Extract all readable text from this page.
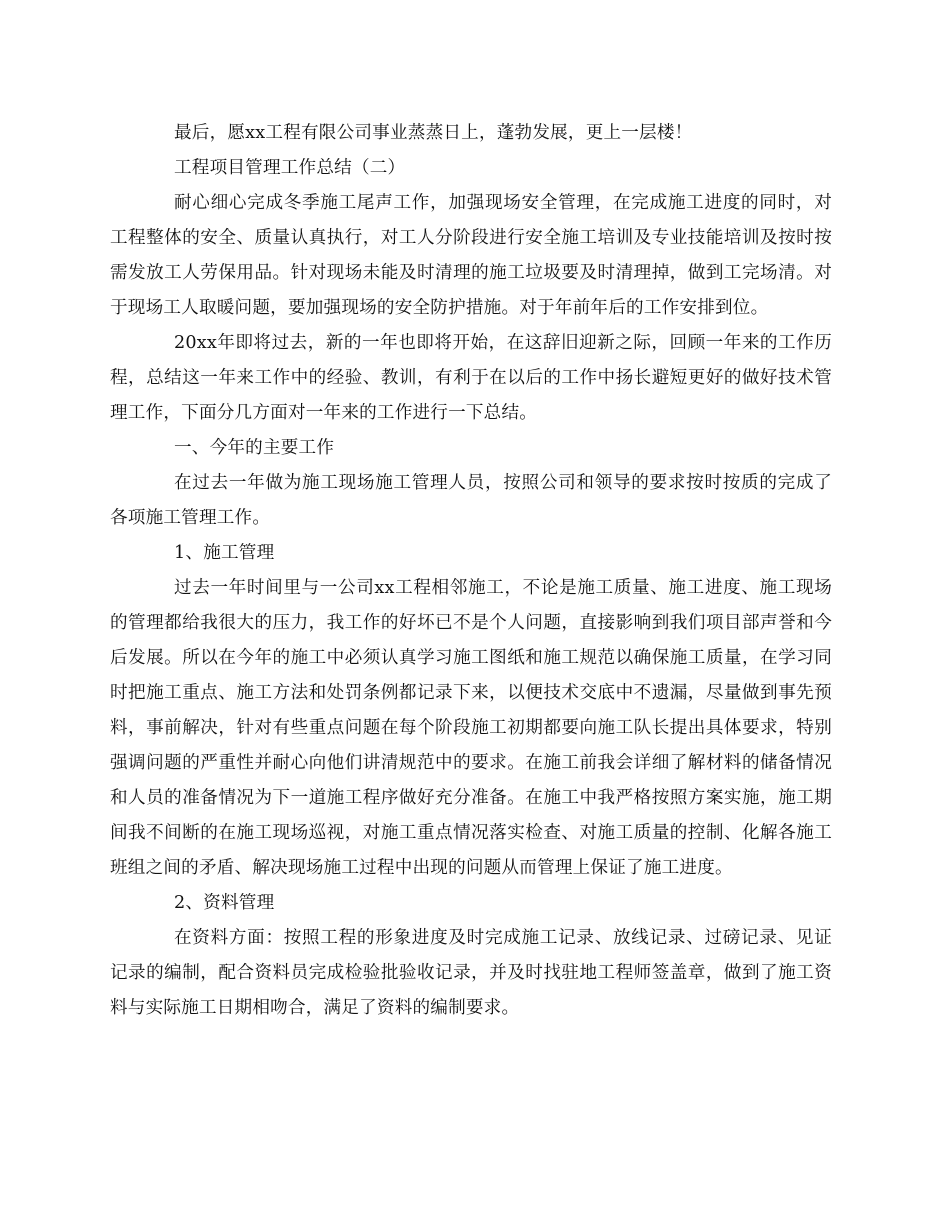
最后，愿xx工程有限公司事业蒸蒸日上，蓬勃发展，更上一层楼！

工程项目管理工作总结（二）

耐心细心完成冬季施工尾声工作，加强现场安全管理，在完成施工进度的同时，对工程整体的安全、质量认真执行，对工人分阶段进行安全施工培训及专业技能培训及按时按需发放工人劳保用品。针对现场未能及时清理的施工垃圾要及时清理掉，做到工完场清。对于现场工人取暖问题，要加强现场的安全防护措施。对于年前年后的工作安排到位。

20xx年即将过去，新的一年也即将开始，在这辞旧迎新之际，回顾一年来的工作历程，总结这一年来工作中的经验、教训，有利于在以后的工作中扬长避短更好的做好技术管理工作，下面分几方面对一年来的工作进行一下总结。

一、今年的主要工作

在过去一年做为施工现场施工管理人员，按照公司和领导的要求按时按质的完成了各项施工管理工作。

1、施工管理

过去一年时间里与一公司xx工程相邻施工，不论是施工质量、施工进度、施工现场的管理都给我很大的压力，我工作的好坏已不是个人问题，直接影响到我们项目部声誉和今后发展。所以在今年的施工中必须认真学习施工图纸和施工规范以确保施工质量，在学习同时把施工重点、施工方法和处罚条例都记录下来，以便技术交底中不遗漏，尽量做到事先预料，事前解决，针对有些重点问题在每个阶段施工初期都要向施工队长提出具体要求，特别强调问题的严重性并耐心向他们讲清规范中的要求。在施工前我会详细了解材料的储备情况和人员的准备情况为下一道施工程序做好充分准备。在施工中我严格按照方案实施，施工期间我不间断的在施工现场巡视，对施工重点情况落实检查、对施工质量的控制、化解各施工班组之间的矛盾、解决现场施工过程中出现的问题从而管理上保证了施工进度。

2、资料管理

在资料方面：按照工程的形象进度及时完成施工记录、放线记录、过磅记录、见证记录的编制，配合资料员完成检验批验收记录，并及时找驻地工程师签盖章，做到了施工资料与实际施工日期相吻合，满足了资料的编制要求。
